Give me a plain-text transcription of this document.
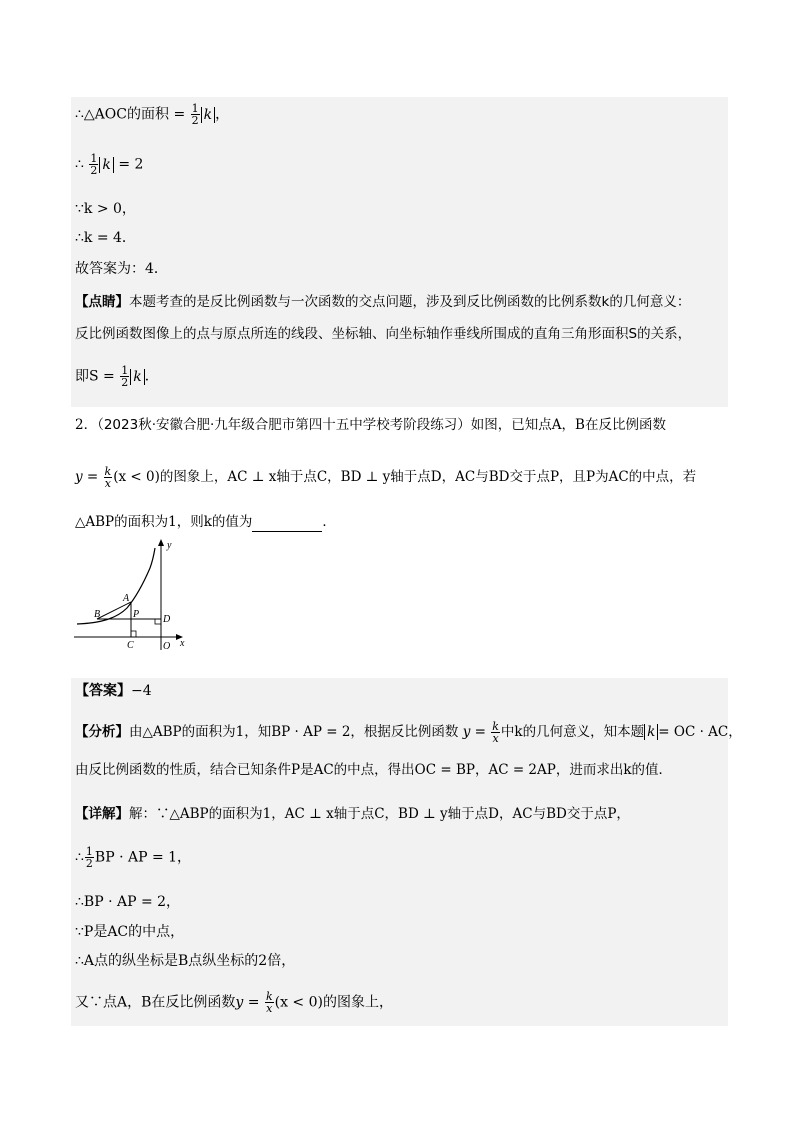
∴△AOC的面积 = $\frac{1}{2}$ k ，
∴ $\frac{1}{2}$ k = 2
∵k > 0，
∴k = 4．
故答案为：4．
【点睛】本题考查的是反比例函数与一次函数的交点问题，涉及到反比例函数的比例系数k的几何意义：
反比例函数图像上的点与原点所连的线段、坐标轴、向坐标轴作垂线所围成的直角三角形面积S的关系，
即$S = \frac{1}{2}$ k ．
2．（2023秋·安徽合肥·九年级合肥市第四十五中学校考阶段练习）如图，已知点A，B在反比例函数
$y = \frac{k}{x} (x < 0)$的图象上，AC ⊥ x轴于点C，BD ⊥ y轴于点D，AC与BD交于点P，且P为AC的中点，若
△ABP的面积为1，则k的值为	．
y
x
O
A
B	P
C
D
【答案】−4
【分析】由△ABP的面积为1，知BP · AP = 2，根据反比例函数 $y = \frac{k}{x}$ 中k的几何意义，知本题 k = OC · AC，
由反比例函数的性质，结合已知条件P是AC的中点，得出OC = BP，AC = 2AP，进而求出k的值．
【详解】解：∵△ABP的面积为1，AC ⊥ x轴于点C，BD ⊥ y轴于点D，AC与BD交于点P，
∴ $\frac{1}{2}$ BP · AP = 1，
∴BP · AP = 2，
∵P是AC的中点，
∴A点的纵坐标是B点纵坐标的2倍，
又∵点A，B在反比例函数$y = \frac{k}{x} (x < 0)$的图象上，
